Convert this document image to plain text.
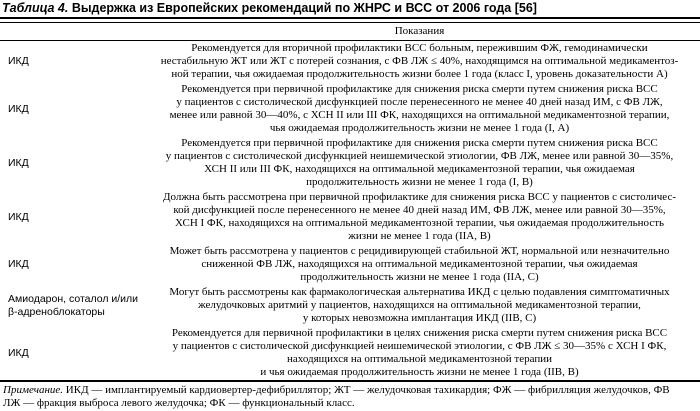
Таблица 4. Выдержка из Европейских рекомендаций по ЖНРС и ВСС от 2006 года [56]
Показания
ИКД
Рекомендуется для вторичной профилактики ВСС больным, пережившим ФЖ, гемодинамически
нестабильную ЖТ или ЖТ с потерей сознания, с ФВ ЛЖ ≤ 40%, находящимся на оптимальной медикаментоз-
ной терапии, чья ожидаемая продолжительность жизни более 1 года (класс I, уровень доказательности А)
ИКД
Рекомендуется при первичной профилактике для снижения риска смерти путем снижения риска ВСС
у пациентов с систолической дисфункцией после перенесенного не менее 40 дней назад ИМ, с ФВ ЛЖ,
менее или равной 30—40%, с ХСН II или III ФК, находящихся на оптимальной медикаментозной терапии,
чья ожидаемая продолжительность жизни не менее 1 года (I, А)
ИКД
Рекомендуется при первичной профилактике для снижения риска смерти путем снижения риска ВСС
у пациентов с систолической дисфункцией неишемической этиологии, ФВ ЛЖ, менее или равной 30—35%,
ХСН II или III ФК, находящихся на оптимальной медикаментозной терапии, чья ожидаемая
продолжительность жизни не менее 1 года (I, В)
ИКД
Должна быть рассмотрена при первичной профилактике для снижения риска ВСС у пациентов с систоличес-
кой дисфункцией после перенесенного не менее 40 дней назад ИМ, ФВ ЛЖ, менее или равной 30—35%,
ХСН I ФК, находящихся на оптимальной медикаментозной терапии, чья ожидаемая продолжительность
жизни не менее 1 года (IIА, В)
ИКД
Может быть рассмотрена у пациентов с рецидивирующей стабильной ЖТ, нормальной или незначительно
сниженной ФВ ЛЖ, находящихся на оптимальной медикаментозной терапии, чья ожидаемая
продолжительность жизни не менее 1 года (IIА, С)
Амиодарон, соталол и/или β-адреноблокаторы
Могут быть рассмотрены как фармакологическая альтернатива ИКД с целью подавления симптоматичных
желудочковых аритмий у пациентов, находящихся на оптимальной медикаментозной терапии,
у которых невозможна имплантация ИКД (IIВ, С)
ИКД
Рекомендуется для первичной профилактики в целях снижения риска смерти путем снижения риска ВСС
у пациентов с систолической дисфункцией неишемической этиологии, с ФВ ЛЖ ≤ 30—35% с ХСН I ФК,
находящихся на оптимальной медикаментозной терапии
и чья ожидаемая продолжительность жизни не менее 1 года (IIВ, В)
Примечание. ИКД — имплантируемый кардиовертер-дефибриллятор; ЖТ — желудочковая тахикардия; ФЖ — фибрилляция желудочков, ФВ
ЛЖ — фракция выброса левого желудочка; ФК — функциональный класс.
